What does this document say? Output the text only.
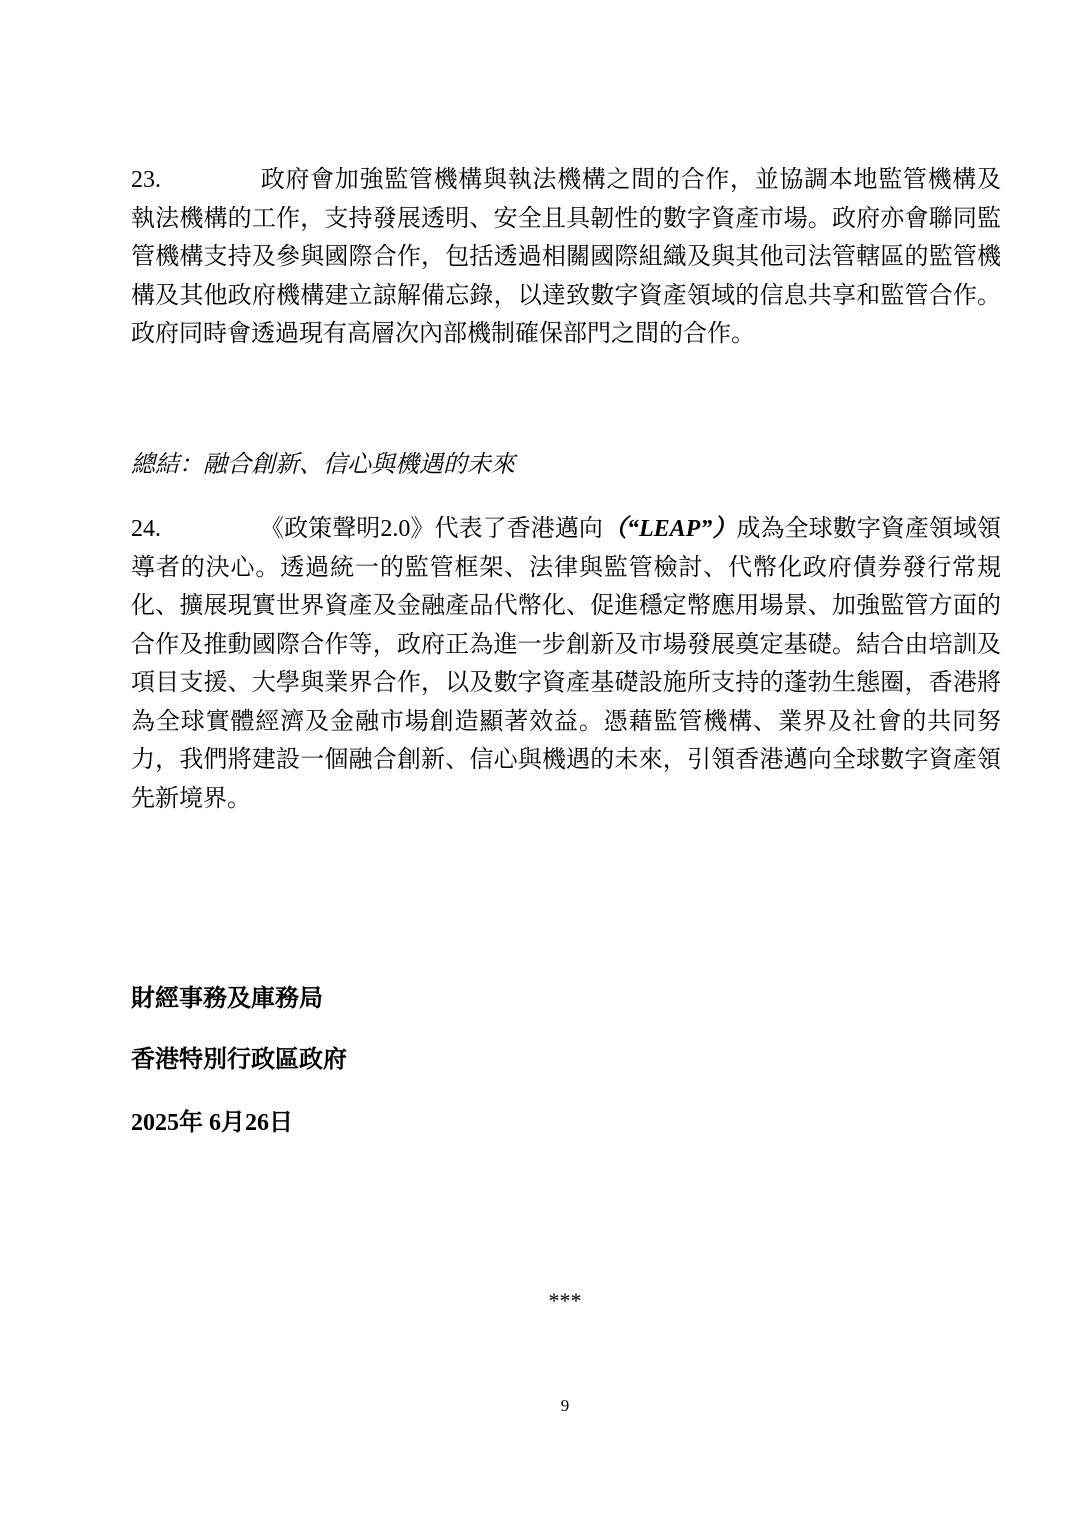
23.	政府會加強監管機構與執法機構之間的合作，並協調本地監管機構及執法機構的工作，支持發展透明、安全且具韌性的數字資產市場。政府亦會聯同監管機構支持及參與國際合作，包括透過相關國際組織及與其他司法管轄區的監管機構及其他政府機構建立諒解備忘錄，以達致數字資產領域的信息共享和監管合作。政府同時會透過現有高層次內部機制確保部門之間的合作。
總結：融合創新、信心與機遇的未來
24.	《政策聲明2.0》代表了香港邁向（“LEAP”）成為全球數字資產領域領導者的決心。透過統一的監管框架、法律與監管檢討、代幣化政府債券發行常規化、擴展現實世界資產及金融產品代幣化、促進穩定幣應用場景、加強監管方面的合作及推動國際合作等，政府正為進一步創新及市場發展奠定基礎。結合由培訓及項目支援、大學與業界合作，以及數字資產基礎設施所支持的蓬勃生態圈，香港將為全球實體經濟及金融市場創造顯著效益。憑藉監管機構、業界及社會的共同努力，我們將建設一個融合創新、信心與機遇的未來，引領香港邁向全球數字資產領先新境界。
財經事務及庫務局
香港特別行政區政府
2025年 6月26日
***
9
